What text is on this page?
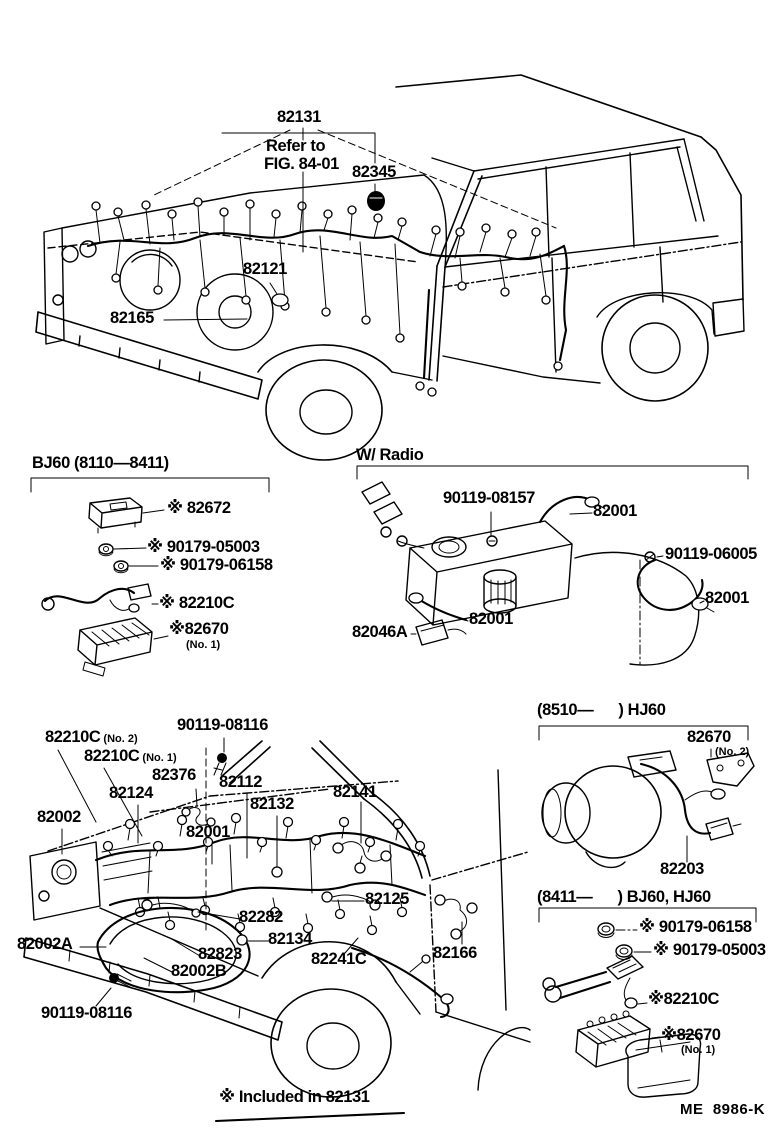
82131
Refer to
FIG. 84-01 82345
82121
82165
BJ60 (8110—8411)
※ 82672
※ 90179-05003
※ 90179-06158
※ 82210C
※82670
(No. 1)
W/ Radio
90119-08157
82001
90119-06005
82001
82001
82046A
82210C (No. 2)
82210C (No. 1)
90119-08116
82376
82124
82112
82132
82141
82002
82001
82125
82282
82134
82002A
82823
82002B
82241C	82166
90119-08116
(8510—      ) HJ60
82670
(No. 2)
82203
(8411—      ) BJ60, HJ60
※ 90179-06158
※ 90179-05003
※82210C
※82670
(No. 1)
※ Included in 82131
ME  8986-K
